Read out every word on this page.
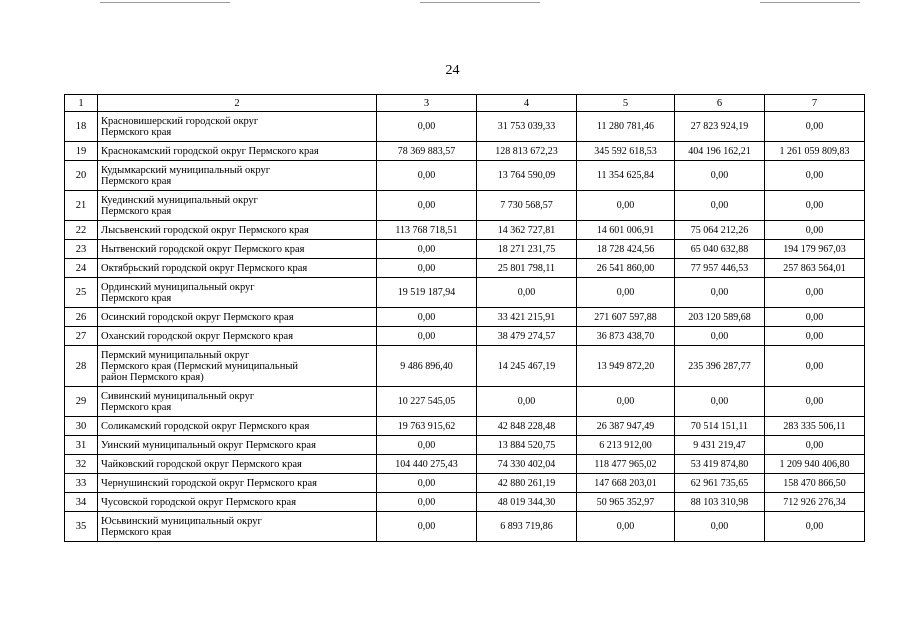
24
1	2	3	4	5	6	7
18	Красновишерский городской округ
Пермского края	0,00	31 753 039,33	11 280 781,46	27 823 924,19	0,00
19	Краснокамский городской округ Пермского края	78 369 883,57	128 813 672,23	345 592 618,53	404 196 162,21	1 261 059 809,83
20	Кудымкарский муниципальный округ
Пермского края	0,00	13 764 590,09	11 354 625,84	0,00	0,00
21	Куединский муниципальный округ
Пермского края	0,00	7 730 568,57	0,00	0,00	0,00
22	Лысьвенский городской округ Пермского края	113 768 718,51	14 362 727,81	14 601 006,91	75 064 212,26	0,00
23	Нытвенский городской округ Пермского края	0,00	18 271 231,75	18 728 424,56	65 040 632,88	194 179 967,03
24	Октябрьский городской округ Пермского края	0,00	25 801 798,11	26 541 860,00	77 957 446,53	257 863 564,01
25	Ординский муниципальный округ
Пермского края	19 519 187,94	0,00	0,00	0,00	0,00
26	Осинский городской округ Пермского края	0,00	33 421 215,91	271 607 597,88	203 120 589,68	0,00
27	Оханский городской округ Пермского края	0,00	38 479 274,57	36 873 438,70	0,00	0,00
28	Пермский муниципальный округ
Пермского края (Пермский муниципальный
район Пермского края)	9 486 896,40	14 245 467,19	13 949 872,20	235 396 287,77	0,00
29	Сивинский муниципальный округ
Пермского края	10 227 545,05	0,00	0,00	0,00	0,00
30	Соликамский городской округ Пермского края	19 763 915,62	42 848 228,48	26 387 947,49	70 514 151,11	283 335 506,11
31	Уинский муниципальный округ Пермского края	0,00	13 884 520,75	6 213 912,00	9 431 219,47	0,00
32	Чайковский городской округ Пермского края	104 440 275,43	74 330 402,04	118 477 965,02	53 419 874,80	1 209 940 406,80
33	Чернушинский городской округ Пермского края	0,00	42 880 261,19	147 668 203,01	62 961 735,65	158 470 866,50
34	Чусовской городской округ Пермского края	0,00	48 019 344,30	50 965 352,97	88 103 310,98	712 926 276,34
35	Юсьвинский муниципальный округ
Пермского края	0,00	6 893 719,86	0,00	0,00	0,00
